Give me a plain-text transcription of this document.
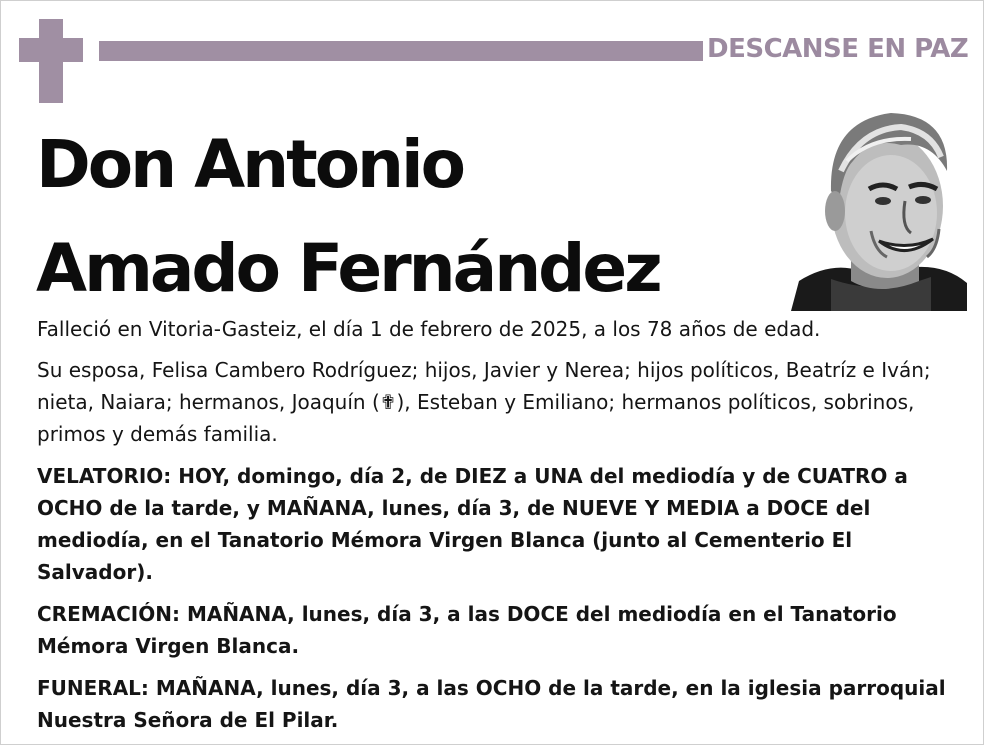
DESCANSE EN PAZ
Don Antonio
Amado Fernández

Falleció en Vitoria-Gasteiz, el día 1 de febrero de 2025, a los 78 años de edad.

Su esposa, Felisa Cambero Rodríguez; hijos, Javier y Nerea; hijos políticos, Beatríz e Iván; nieta, Naiara; hermanos, Joaquín (✟), Esteban y Emiliano; hermanos políticos, sobrinos, primos y demás familia.

VELATORIO: HOY, domingo, día 2, de DIEZ a UNA del mediodía y de CUATRO a OCHO de la tarde, y MAÑANA, lunes, día 3, de NUEVE Y MEDIA a DOCE del mediodía, en el Tanatorio Mémora Virgen Blanca (junto al Cementerio El Salvador).

CREMACIÓN: MAÑANA, lunes, día 3, a las DOCE del mediodía en el Tanatorio Mémora Virgen Blanca.

FUNERAL: MAÑANA, lunes, día 3, a las OCHO de la tarde, en la iglesia parroquial Nuestra Señora de El Pilar.
